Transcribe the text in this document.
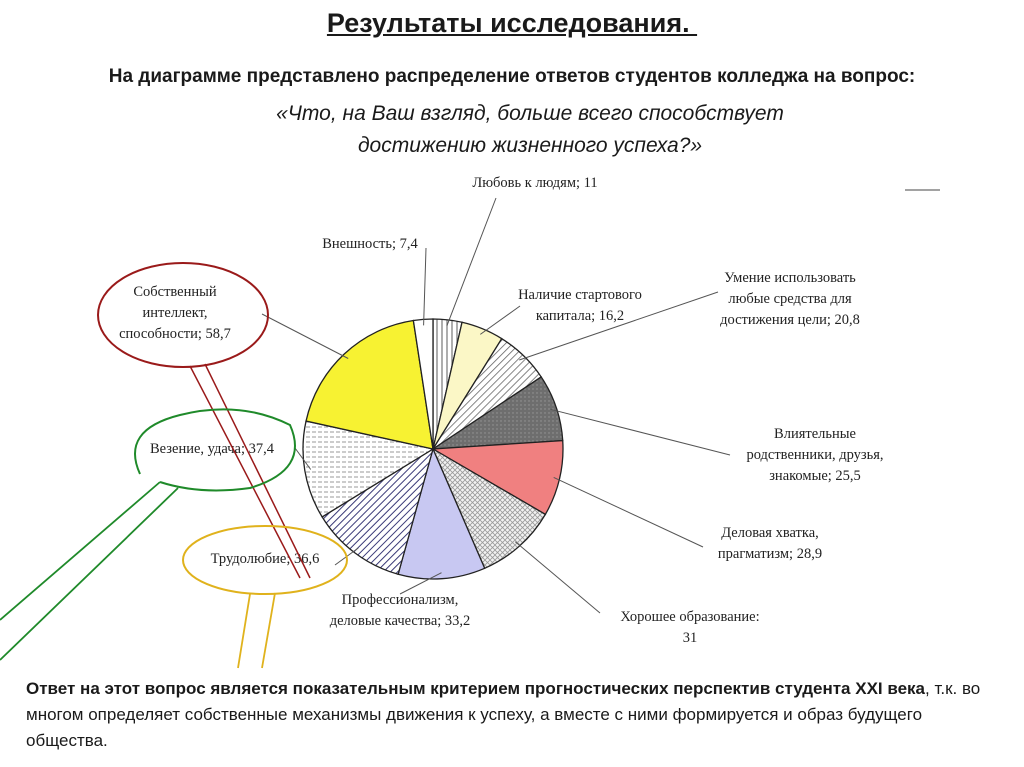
Результаты исследования.
На диаграмме представлено распределение ответов студентов колледжа на вопрос:
«Что, на Ваш взгляд, больше всего способствует достижению жизненного успеха?»
Любовь к людям; 11
Наличие стартового
капитала; 16,2
Умение использовать
любые средства для
достижения цели; 20,8
Влиятельные
родственники, друзья,
знакомые; 25,5
Деловая хватка,
прагматизм; 28,9
Хорошее образование:
31
Профессионализм,
деловые качества; 33,2
Трудолюбие; 36,6
Везение, удача; 37,4
Собственный
интеллект,
способности; 58,7
Внешность; 7,4
Ответ на этот вопрос является показательным критерием прогностических перспектив студента XXI века, т.к. во многом определяет собственные механизмы движения к успеху, а вместе с ними формируется и образ будущего общества.
